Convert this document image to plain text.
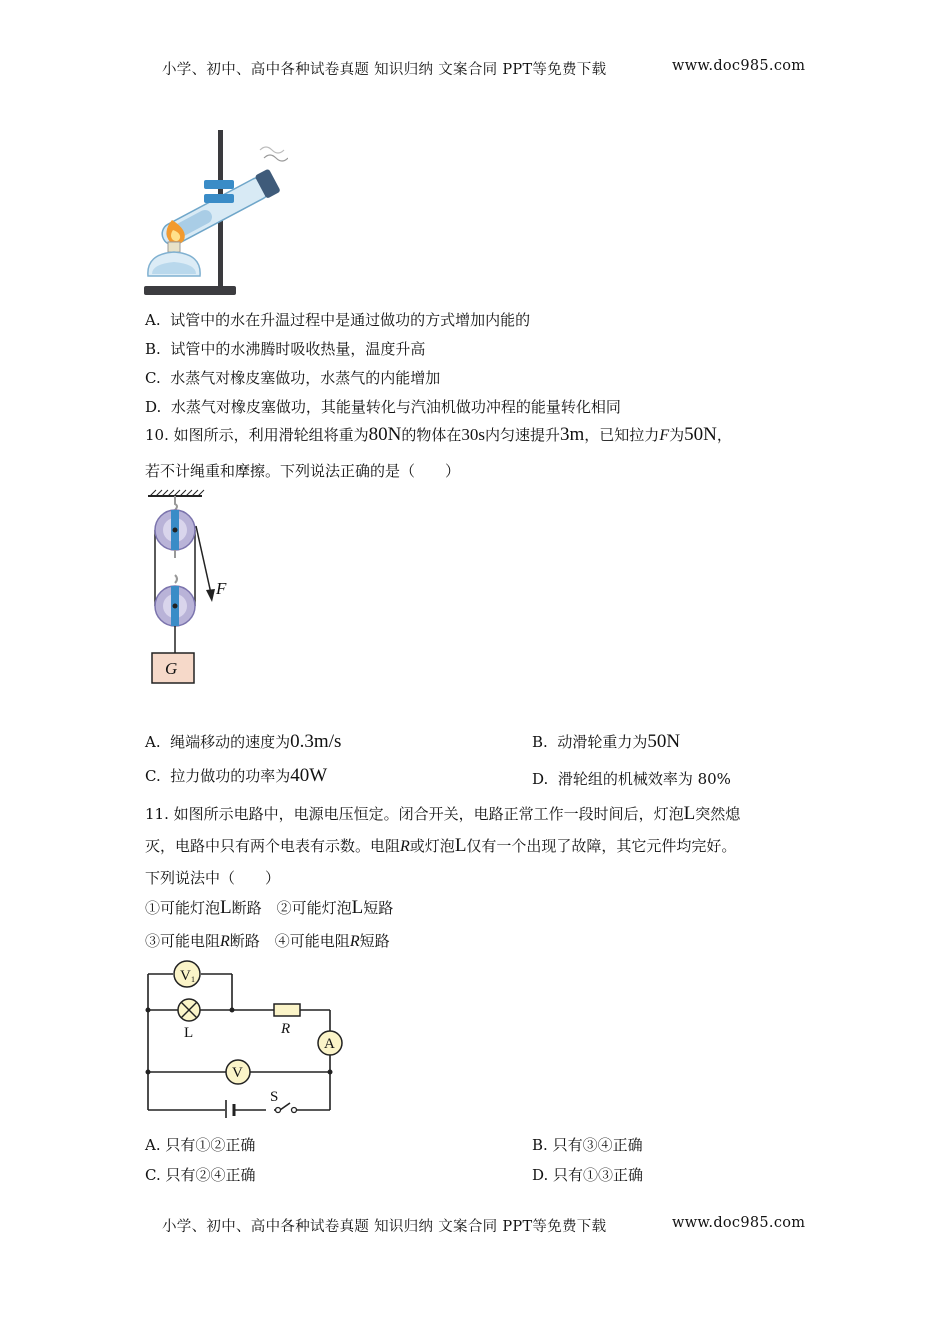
小学、初中、高中各种试卷真题 知识归纳 文案合同 PPT等免费下载	www.doc985.com
A. 试管中的水在升温过程中是通过做功的方式增加内能的
B. 试管中的水沸腾时吸收热量，温度升高
C. 水蒸气对橡皮塞做功，水蒸气的内能增加
D. 水蒸气对橡皮塞做功，其能量转化与汽油机做功冲程的能量转化相同
10. 如图所示，利用滑轮组将重为80N的物体在30s内匀速提升3m，已知拉力F为50N，
若不计绳重和摩擦。下列说法正确的是（　　）
F
G
A. 绳端移动的速度为0.3m/s	B. 动滑轮重力为50N
C. 拉力做功的功率为40W	D. 滑轮组的机械效率为 80%
11. 如图所示电路中，电源电压恒定。闭合开关，电路正常工作一段时间后，灯泡L突然熄
灭，电路中只有两个电表有示数。电阻R或灯泡L仅有一个出现了故障，其它元件均完好。
下列说法中（　　）
①可能灯泡L断路　②可能灯泡L短路
③可能电阻R断路　④可能电阻R短路
S
V 1
L	R
A
V
A. 只有①②正确	B. 只有③④正确
C. 只有②④正确	D. 只有①③正确
小学、初中、高中各种试卷真题 知识归纳 文案合同 PPT等免费下载	www.doc985.com
